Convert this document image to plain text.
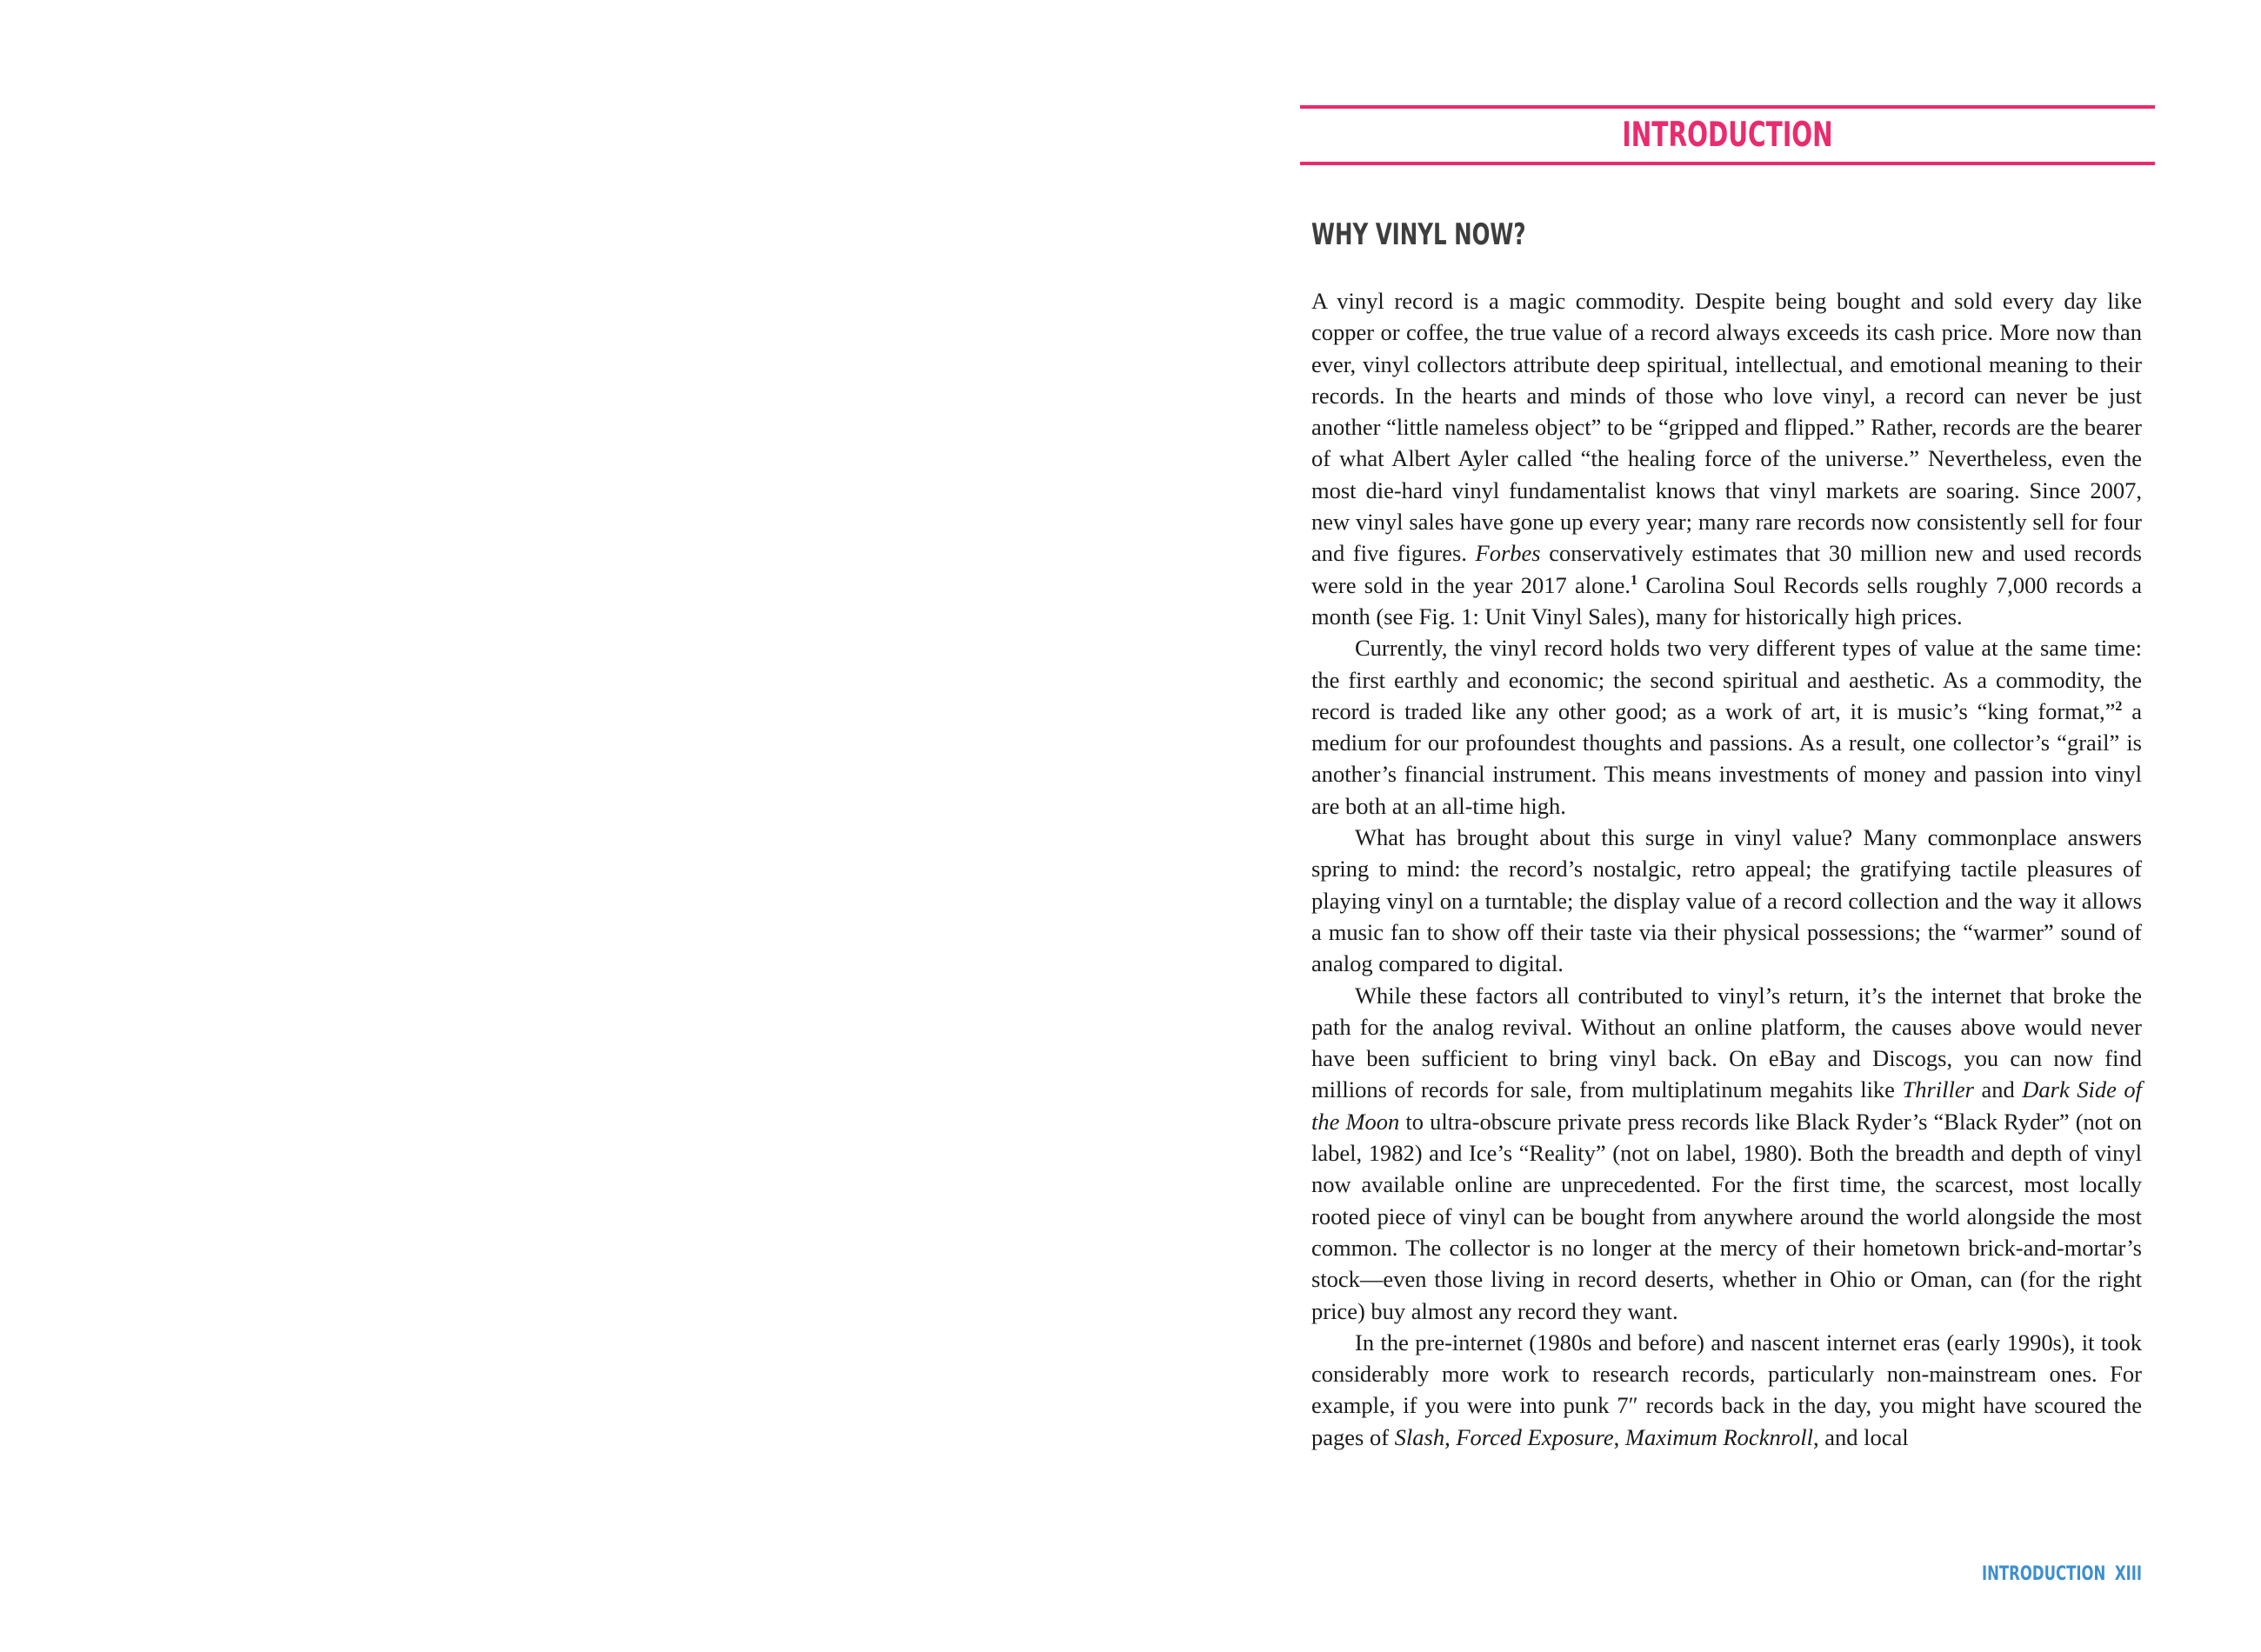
INTRODUCTION
WHY VINYL NOW?

A vinyl record is a magic commodity. Despite being bought and sold every day like copper or coffee, the true value of a record always exceeds its cash price. More now than ever, vinyl collectors attribute deep spiritual, intellectual, and emotional meaning to their records. In the hearts and minds of those who love vinyl, a record can never be just another “little nameless object” to be “gripped and flipped.” Rather, records are the bearer of what Albert Ayler called “the healing force of the universe.” Nevertheless, even the most die-hard vinyl fundamentalist knows that vinyl markets are soaring. Since 2007, new vinyl sales have gone up every year; many rare records now consistently sell for four and five figures. Forbes conservatively estimates that 30 million new and used records were sold in the year 2017 alone.$^1$ Carolina Soul Records sells roughly 7,000 records a month (see Fig. 1: Unit Vinyl Sales), many for historically high prices.

Currently, the vinyl record holds two very different types of value at the same time: the first earthly and economic; the second spiritual and aesthetic. As a commodity, the record is traded like any other good; as a work of art, it is music’s “king format,”$^2$ a medium for our profoundest thoughts and passions. As a result, one collector’s “grail” is another’s financial instrument. This means investments of money and passion into vinyl are both at an all-time high.

What has brought about this surge in vinyl value? Many commonplace answers spring to mind: the record’s nostalgic, retro appeal; the gratifying tactile pleasures of playing vinyl on a turntable; the display value of a record collection and the way it allows a music fan to show off their taste via their physical possessions; the “warmer” sound of analog compared to digital.

While these factors all contributed to vinyl’s return, it’s the internet that broke the path for the analog revival. Without an online platform, the causes above would never have been sufficient to bring vinyl back. On eBay and Discogs, you can now find millions of records for sale, from multiplatinum megahits like Thriller and Dark Side of the Moon to ultra-obscure private press records like Black Ryder’s “Black Ryder” (not on label, 1982) and Ice’s “Reality” (not on label, 1980). Both the breadth and depth of vinyl now available online are unprecedented. For the first time, the scarcest, most locally rooted piece of vinyl can be bought from anywhere around the world alongside the most common. The collector is no longer at the mercy of their hometown brick-and-mortar’s stock—even those living in record deserts, whether in Ohio or Oman, can (for the right price) buy almost any record they want.

In the pre-internet (1980s and before) and nascent internet eras (early 1990s), it took considerably more work to research records, particularly non-mainstream ones. For example, if you were into punk 7″ records back in the day, you might have scoured the pages of Slash, Forced Exposure, Maximum Rocknroll, and local

INTRODUCTION XIII
